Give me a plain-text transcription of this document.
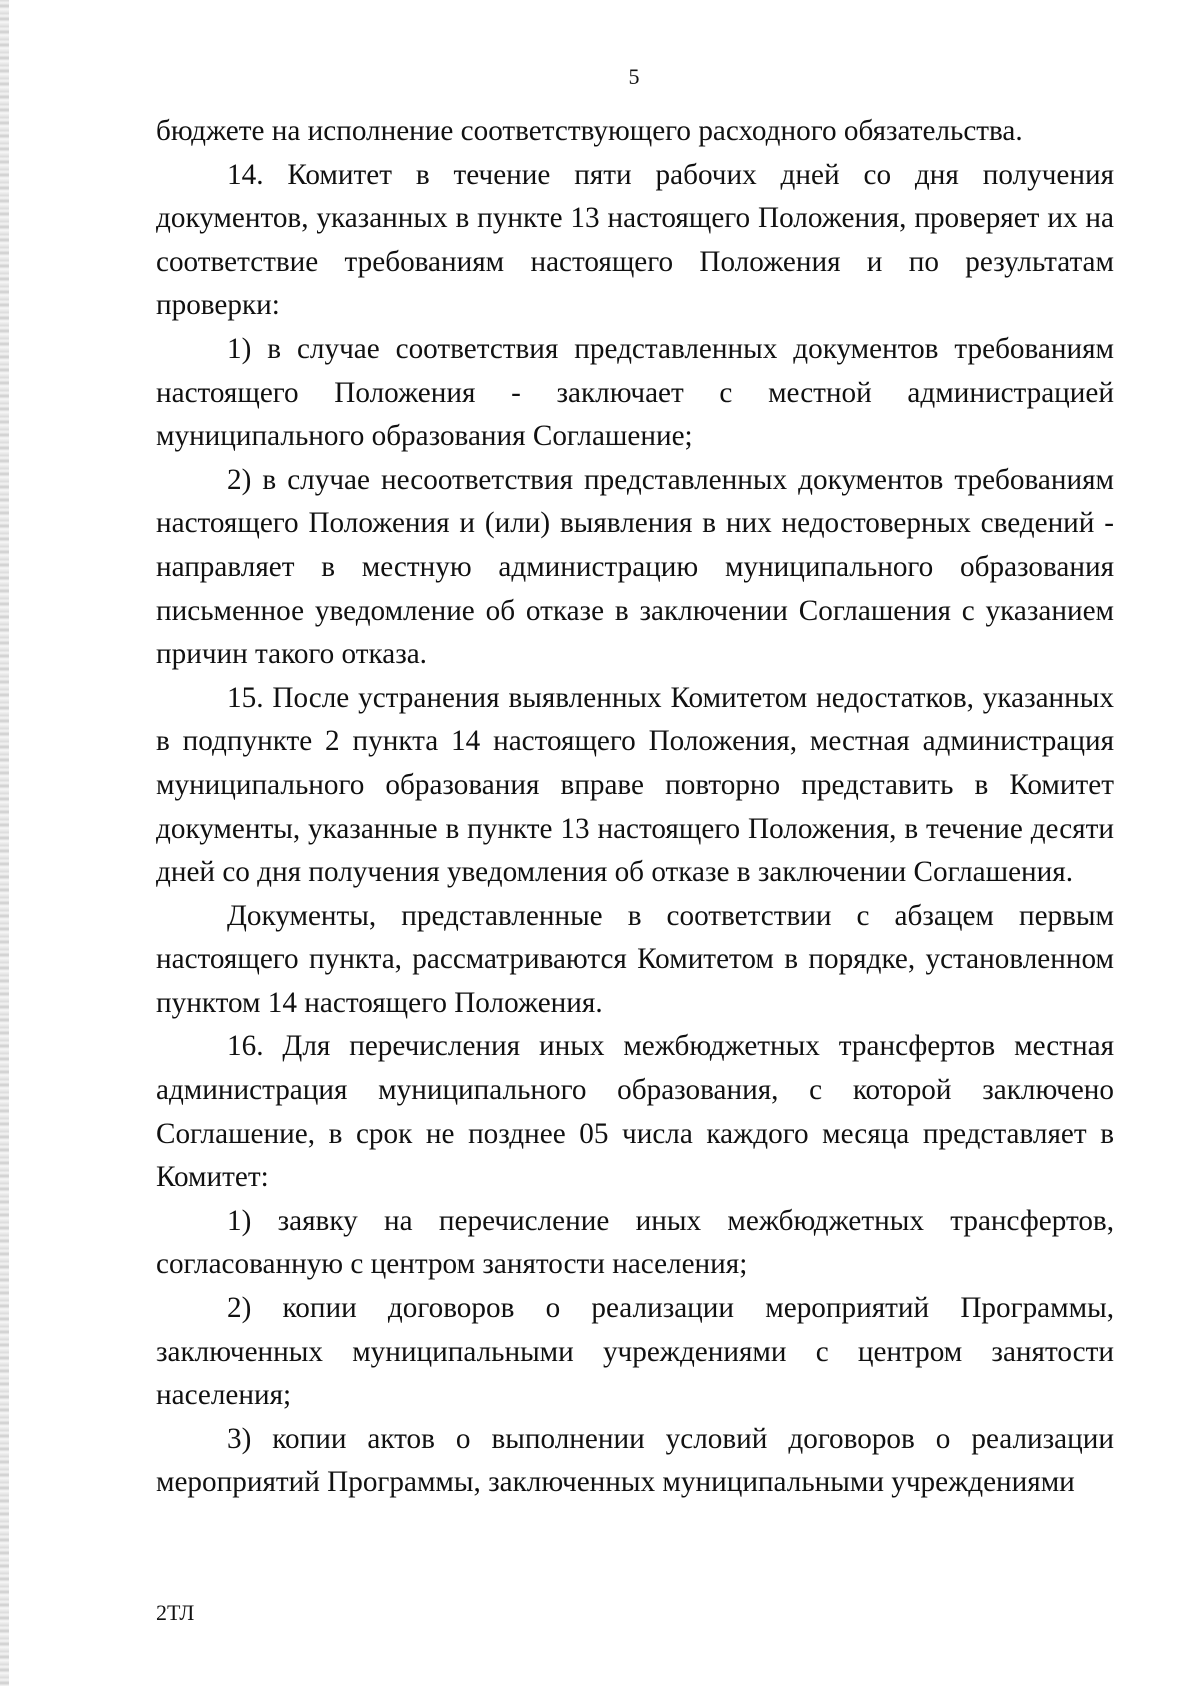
5

бюджете на исполнение соответствующего расходного обязательства.

14. Комитет в течение пяти рабочих дней со дня получения документов, указанных в пункте 13 настоящего Положения, проверяет их на соответствие требованиям настоящего Положения и по результатам проверки:

1) в случае соответствия представленных документов требованиям настоящего Положения - заключает с местной администрацией муниципального образования Соглашение;

2) в случае несоответствия представленных документов требованиям настоящего Положения и (или) выявления в них недостоверных сведений - направляет в местную администрацию муниципального образования письменное уведомление об отказе в заключении Соглашения с указанием причин такого отказа.

15. После устранения выявленных Комитетом недостатков, указанных в подпункте 2 пункта 14 настоящего Положения, местная администрация муниципального образования вправе повторно представить в Комитет документы, указанные в пункте 13 настоящего Положения, в течение десяти дней со дня получения уведомления об отказе в заключении Соглашения.

Документы, представленные в соответствии с абзацем первым настоящего пункта, рассматриваются Комитетом в порядке, установленном пунктом 14 настоящего Положения.

16. Для перечисления иных межбюджетных трансфертов местная администрация муниципального образования, с которой заключено Соглашение, в срок не позднее 05 числа каждого месяца представляет в Комитет:

1) заявку на перечисление иных межбюджетных трансфертов, согласованную с центром занятости населения;

2) копии договоров о реализации мероприятий Программы, заключенных муниципальными учреждениями с центром занятости населения;

3) копии актов о выполнении условий договоров о реализации мероприятий Программы, заключенных муниципальными учреждениями

2ТЛ
